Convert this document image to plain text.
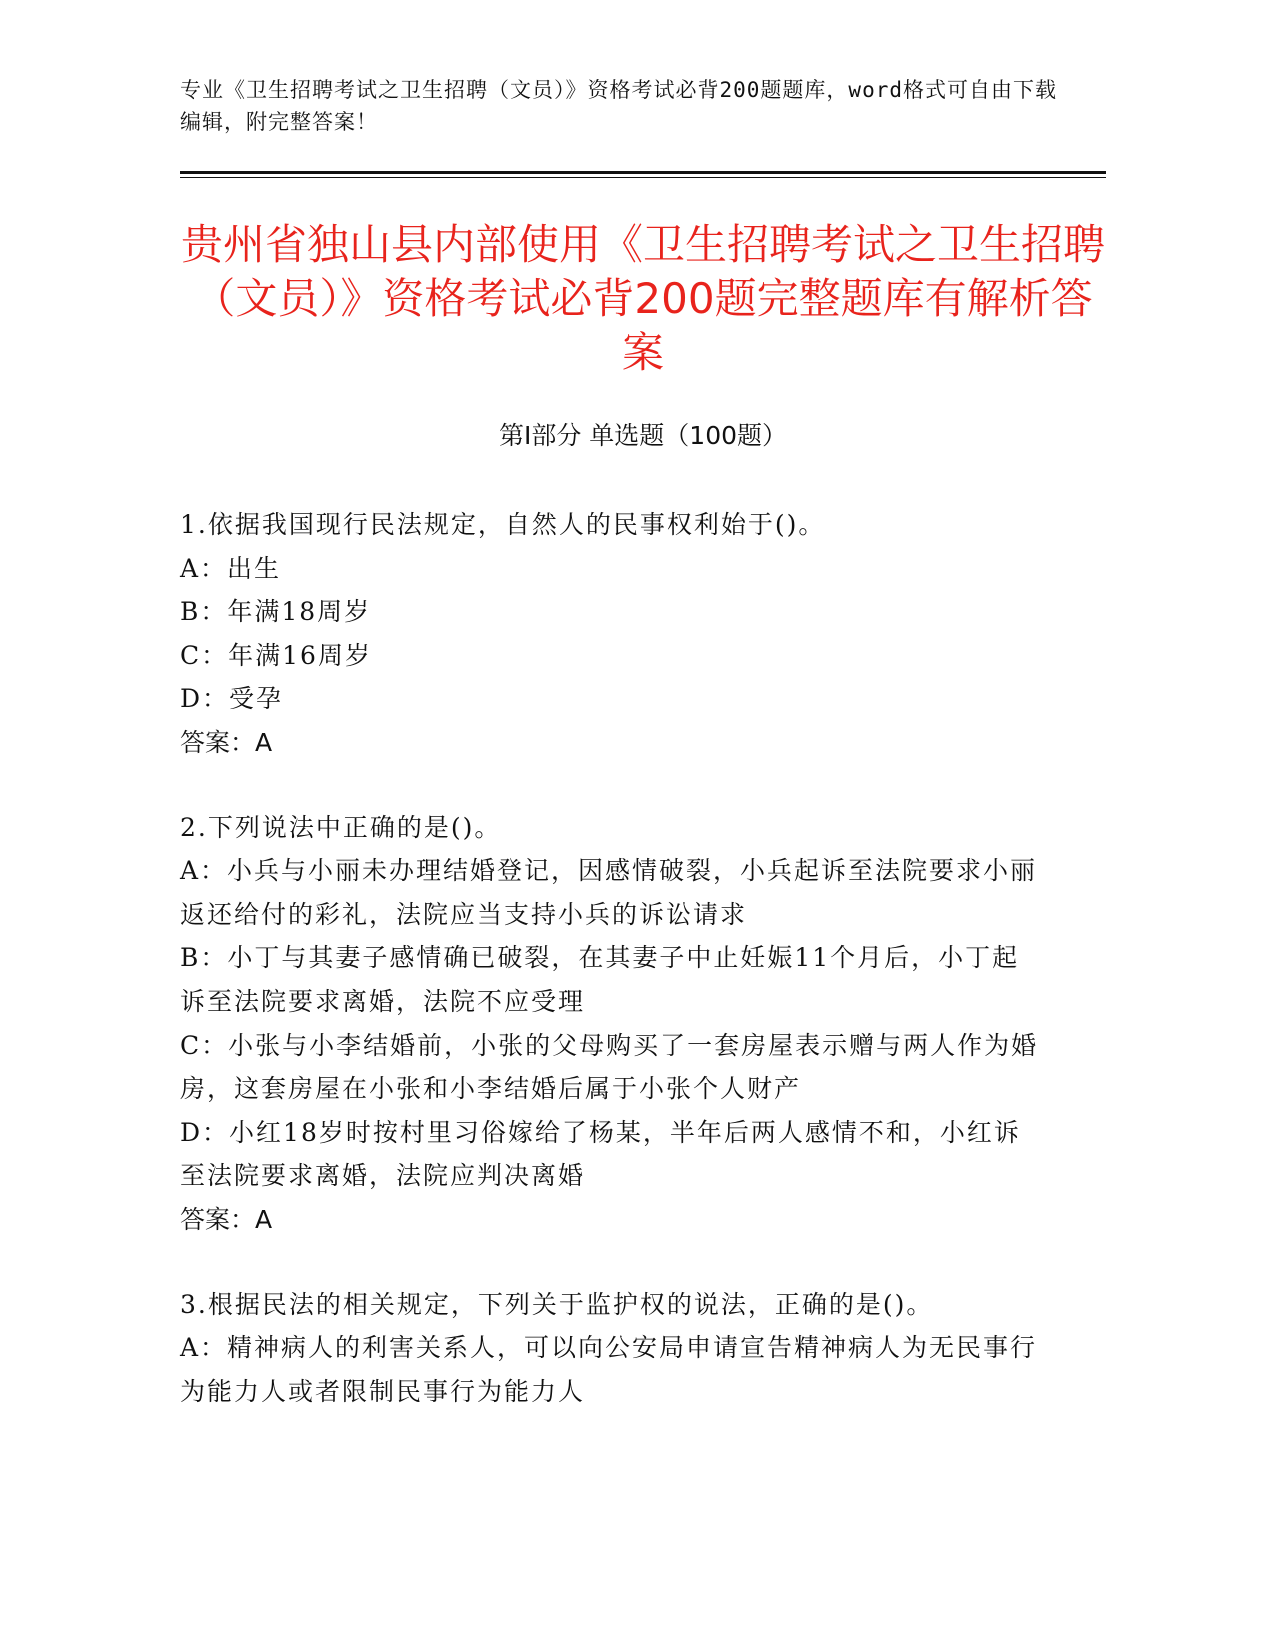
专业《卫生招聘考试之卫生招聘（文员）》资格考试必背200题题库，word格式可自由下载编辑，附完整答案！
贵州省独山县内部使用《卫生招聘考试之卫生招聘（文员）》资格考试必背200题完整题库有解析答案
第I部分 单选题（100题）

1.依据我国现行民法规定，自然人的民事权利始于()。

A：出生

B：年满18周岁

C：年满16周岁

D：受孕

答案：A

2.下列说法中正确的是()。

A：小兵与小丽未办理结婚登记，因感情破裂，小兵起诉至法院要求小丽返还给付的彩礼，法院应当支持小兵的诉讼请求

B：小丁与其妻子感情确已破裂，在其妻子中止妊娠11个月后，小丁起诉至法院要求离婚，法院不应受理

C：小张与小李结婚前，小张的父母购买了一套房屋表示赠与两人作为婚房，这套房屋在小张和小李结婚后属于小张个人财产

D：小红18岁时按村里习俗嫁给了杨某，半年后两人感情不和，小红诉至法院要求离婚，法院应判决离婚

答案：A

3.根据民法的相关规定，下列关于监护权的说法，正确的是()。

A：精神病人的利害关系人，可以向公安局申请宣告精神病人为无民事行为能力人或者限制民事行为能力人
